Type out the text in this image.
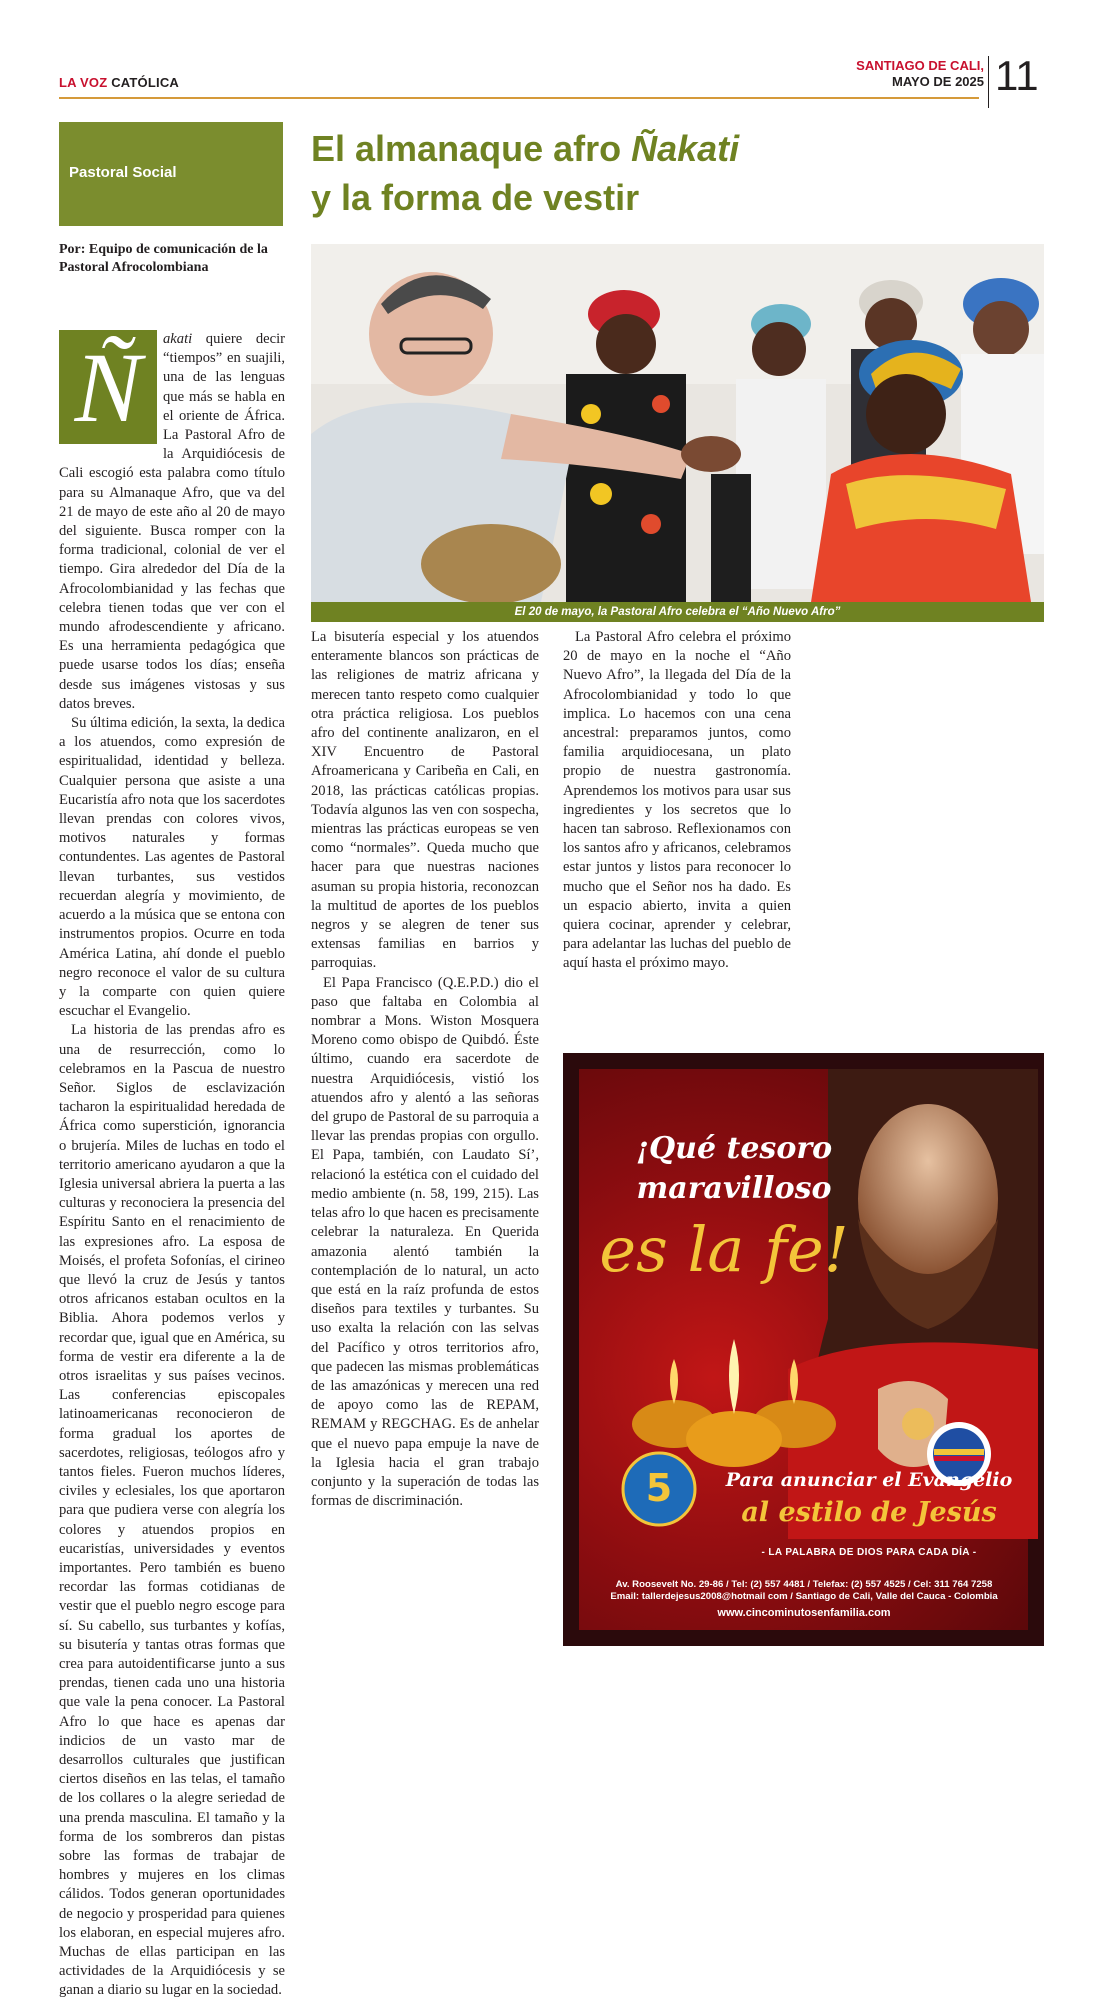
LA VOZ CATÓLICA
SANTIAGO DE CALI,
MAYO DE 2025 11
Pastoral Social
El almanaque afro Ñakati
y la forma de vestir
Por: Equipo de comunicación de la Pastoral Afrocolombiana
El 20 de mayo, la Pastoral Afro celebra el “Año Nuevo Afro”
Ñ	akati quiere decir “tiempos” en suajili, una de las lenguas que más se habla en el oriente de África. La Pastoral Afro de la Arquidiócesis de Cali escogió esta palabra como título para su Almanaque Afro, que va del 21 de mayo de este año al 20 de mayo del siguiente. Busca romper con la forma tradicional, colonial de ver el tiempo. Gira alrededor del Día de la Afrocolombianidad y las fechas que celebra tienen todas que ver con el mundo afrodescendiente y africano. Es una herramienta pedagógica que puede usarse todos los días; enseña desde sus imágenes vistosas y sus datos breves.

Su última edición, la sexta, la dedica a los atuendos, como expresión de espiritualidad, identidad y belleza. Cualquier persona que asiste a una Eucaristía afro nota que los sacerdotes llevan prendas con colores vivos, motivos naturales y formas contundentes. Las agentes de Pastoral llevan turbantes, sus vestidos recuerdan alegría y movimiento, de acuerdo a la música que se entona con instrumentos propios. Ocurre en toda América Latina, ahí donde el pueblo negro reconoce el valor de su cultura y la comparte con quien quiere escuchar el Evangelio.

La historia de las prendas afro es una de resurrección, como lo celebramos en la Pascua de nuestro Señor. Siglos de esclavización tacharon la espiritualidad heredada de África como superstición, ignorancia o brujería. Miles de luchas en todo el territorio americano ayudaron a que la Iglesia universal abriera la puerta a las culturas y reconociera la presencia del Espíritu Santo en el renacimiento de las expresiones afro. La esposa de Moisés, el profeta Sofonías, el cirineo que llevó la cruz de Jesús y tantos otros africanos estaban ocultos en la Biblia. Ahora podemos verlos y recordar que, igual que en América, su forma de vestir era diferente a la de otros israelitas y sus países vecinos. Las conferencias episcopales latinoamericanas reconocieron de forma gradual los aportes de sacerdotes, religiosas, teólogos afro y tantos fieles. Fueron muchos líderes, civiles y eclesiales, los que aportaron para que pudiera verse con alegría los colores y atuendos propios en eucaristías, universidades y eventos importantes. Pero también es bueno recordar las formas cotidianas de vestir que el pueblo negro escoge para sí. Su cabello, sus turbantes y kofías, su bisutería y tantas otras formas que crea para autoidentificarse junto a sus prendas, tienen cada uno una historia que vale la pena conocer. La Pastoral Afro lo que hace es apenas dar indicios de un vasto mar de desarrollos culturales que justifican ciertos diseños en las telas, el tamaño de los collares o la alegre seriedad de una prenda masculina. El tamaño y la forma de los sombreros dan pistas sobre las formas de trabajar de hombres y mujeres en los climas cálidos. Todos generan oportunidades de negocio y prosperidad para quienes los elaboran, en especial mujeres afro. Muchas de ellas participan en las actividades de la Arquidiócesis y se ganan a diario su lugar en la sociedad.

La bisutería especial y los atuendos enteramente blancos son prácticas de las religiones de matriz africana y merecen tanto respeto como cualquier otra práctica religiosa. Los pueblos afro del continente analizaron, en el XIV Encuentro de Pastoral Afroamericana y Caribeña en Cali, en 2018, las prácticas católicas propias. Todavía algunos las ven con sospecha, mientras las prácticas europeas se ven como “normales”. Queda mucho que hacer para que nuestras naciones asuman su propia historia, reconozcan la multitud de aportes de los pueblos negros y se alegren de tener sus extensas familias en barrios y parroquias.

El Papa Francisco (Q.E.P.D.) dio el paso que faltaba en Colombia al nombrar a Mons. Wiston Mosquera Moreno como obispo de Quibdó. Éste último, cuando era sacerdote de nuestra Arquidiócesis, vistió los atuendos afro y alentó a las señoras del grupo de Pastoral de su parroquia a llevar las prendas propias con orgullo. El Papa, también, con Laudato Sí’, relacionó la estética con el cuidado del medio ambiente (n. 58, 199, 215). Las telas afro lo que hacen es precisamente celebrar la naturaleza. En Querida amazonia alentó también la contemplación de lo natural, un acto que está en la raíz profunda de estos diseños para textiles y turbantes. Su uso exalta la relación con las selvas del Pacífico y otros territorios afro, que padecen las mismas problemáticas de las amazónicas y merecen una red de apoyo como las de REPAM, REMAM y REGCHAG. Es de anhelar que el nuevo papa empuje la nave de la Iglesia hacia el gran trabajo conjunto y la superación de todas las formas de discriminación.

La Pastoral Afro celebra el próximo 20 de mayo en la noche el “Año Nuevo Afro”, la llegada del Día de la Afrocolombianidad y todo lo que implica. Lo hacemos con una cena ancestral: preparamos juntos, como familia arquidiocesana, un plato propio de nuestra gastronomía. Aprendemos los motivos para usar sus ingredientes y los secretos que lo hacen tan sabroso. Reflexionamos con los santos afro y africanos, celebramos estar juntos y listos para reconocer lo mucho que el Señor nos ha dado. Es un espacio abierto, invita a quien quiera cocinar, aprender y celebrar, para adelantar las luchas del pueblo de aquí hasta el próximo mayo.

¡Qué tesoro maravilloso
es la fe!
5	Para anunciar el Evangelio
al estilo de Jesús
- LA PALABRA DE DIOS PARA CADA DÍA -
Av. Roosevelt No. 29-86 / Tel: (2) 557 4481 / Telefax: (2) 557 4525 / Cel: 311 764 7258
Email: tallerdejesus2008@hotmail com / Santiago de Cali, Valle del Cauca - Colombia
www.cincominutosenfamilia.com
